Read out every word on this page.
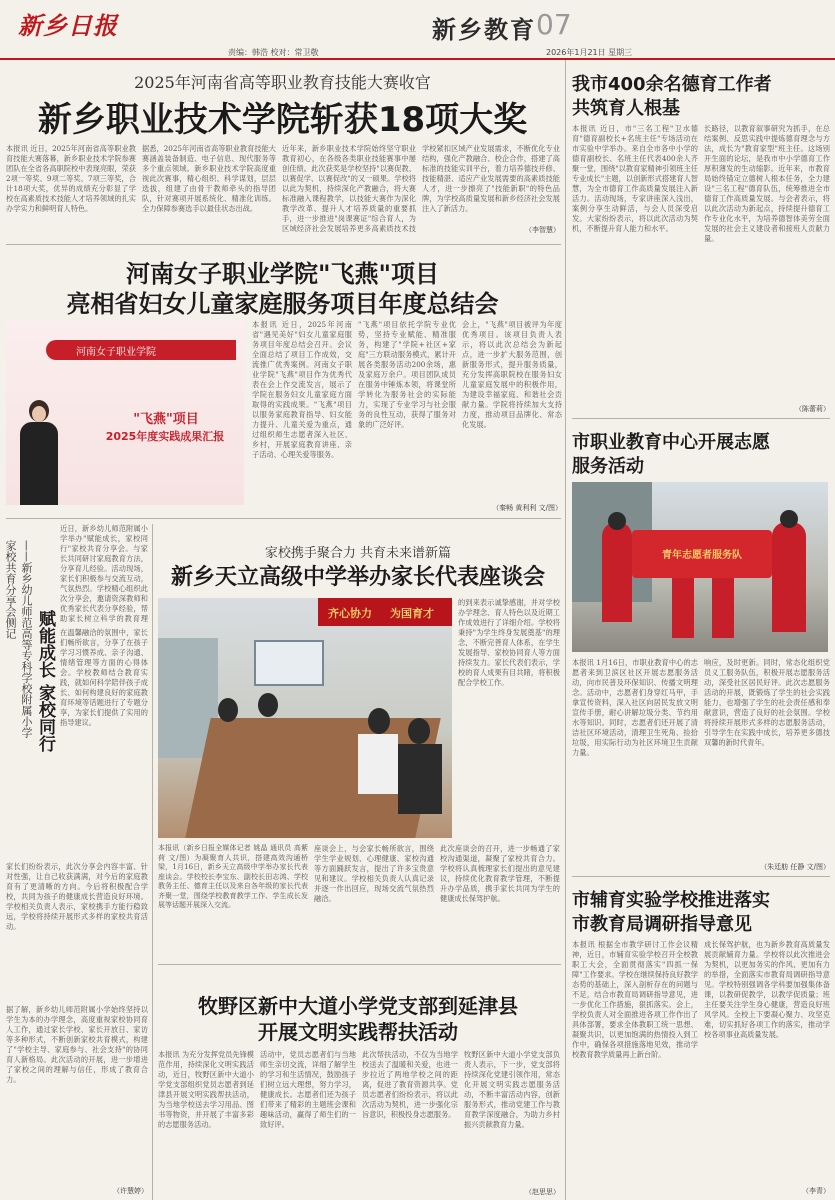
新乡日报	新乡教育 07
责编：韩浩 校对：常卫敬	2026年1月21日 星期三
2025年河南省高等职业教育技能大赛收官
新乡职业技术学院斩获18项大奖
本报讯 近日，2025年河南省高等职业教育技能大赛落幕，新乡职业技术学院参赛团队在全省各高职院校中表现亮眼，荣获2项一等奖、9项二等奖、7项三等奖，合计18项大奖，优异的成绩充分彰显了学校在高素质技术技能人才培养领域的扎实办学实力和鲜明育人特色。
据悉，2025年河南省高等职业教育技能大赛涵盖装备制造、电子信息、现代服务等多个重点领域。新乡职业技术学院高度重视此次赛事，精心组织、科学谋划，层层选拔，组建了由骨干教师牵头的指导团队，针对赛项开展系统化、精准化训练。全力保障参赛选手以最佳状态出战。
近年来，新乡职业技术学院始终坚守职业教育初心，在各级各类职业技能赛事中屡创佳绩。此次获奖是学校坚持"以赛促教、以赛促学、以赛促改"的又一硕果。学校将以此为契机，持续深化产教融合，将大赛标准融入课程教学，以技能大赛作为深化教学改革、提升人才培养质量的重要抓手，进一步推进"岗课赛证"综合育人，为区域经济社会发展培养更多高素质技术技
学校紧扣区域产业发展需求，不断优化专业结构，强化产教融合、校企合作，搭建了高标准的技能实训平台，着力培养德技并修、技能精湛、适应产业发展需要的高素质技能人才，进一步擦亮了"技能新职"的特色品牌，为学校高质量发展和新乡经济社会发展注入了新活力。
（李智慧）
河南女子职业学院"飞燕"项目
亮相省妇女儿童家庭服务项目年度总结会
河南女子职业学院
"飞燕"项目
2025年度实践成果汇报
本报讯 近日，2025年河南省"遇见美好"妇女儿童家庭服务项目年度总结会召开。会议全面总结了项目工作成效，交流推广优秀案例。河南女子职业学院"飞燕"项目作为优秀代表在会上作交流发言，展示了学院在服务妇女儿童家庭方面取得的实践成果。"飞燕"项目以服务家庭教育指导、妇女能力提升、儿童关爱为重点，通过组织师生志愿者深入社区、乡村，开展家庭教育讲座、亲子活动、心理关爱等服务。
"飞燕"项目依托学院专业优势，坚持专业赋能、精准服务，构建了"学院+社区+家庭"三方联动服务模式，累计开展各类服务活动200余场，惠及家庭万余户。项目团队成员在服务中锤炼本领，将课堂所学转化为服务社会的实际能力，实现了专业学习与社会服务的良性互动，获得了服务对象的广泛好评。
会上，"飞燕"项目被评为年度优秀项目。该项目负责人表示，将以此次总结会为新起点，进一步扩大服务范围，创新服务形式，提升服务质量，充分发挥高职院校在服务妇女儿童家庭发展中的积极作用，为建设幸福家庭、和谐社会贡献力量。学院将持续加大支持力度，推动项目品牌化、常态化发展。
（秦畅 黄利利 文/图）
近日，新乡幼儿师范附属小学举办"赋能成长，家校同行"家校共育分享会。与家长共同研讨家庭教育方法，分享育儿经验。活动现场，家长们积极参与交流互动，气氛热烈。学校精心组织此次分享会，邀请资深教师和优秀家长代表分享经验，帮助家长树立科学的教育理
——新乡幼儿师范高等专科学校附属小学家校共育分享会侧记
赋能成长 家校同行 在温馨融洽的氛围中，家长们畅所欲言，分享了在孩子学习习惯养成、亲子沟通、情绪管理等方面的心得体会。学校教师结合教育实践，就如何科学陪伴孩子成长、如何构建良好的家庭教育环境等话题进行了专题分享，为家长们提供了实用的指导建议。
家长们纷纷表示，此次分享会内容丰富、针对性强，让自己收获满满，对今后的家庭教育有了更清晰的方向。今后将积极配合学校，共同为孩子的健康成长营造良好环境。学校相关负责人表示，家校携手方能行稳致远，学校将持续开展形式多样的家校共育活动。
据了解，新乡幼儿师范附属小学始终坚持以学生为本的办学理念，高度重视家校协同育人工作，通过家长学校、家长开放日、家访等多种形式，不断创新家校共育模式，构建了"学校主导、家庭参与、社会支持"的协同育人新格局。此次活动的开展，进一步增进了家校之间的理解与信任，形成了教育合力。
（许慧婷）
家校携手聚合力 共育未来谱新篇
新乡天立高级中学举办家长代表座谈会
齐心协力 为国育才
的到来表示诚挚感谢，并对学校办学理念、育人特色以及近期工作成效进行了详细介绍。学校将秉持"为学生终身发展奠基"的理念，不断完善育人体系，在学生发展指导、家校协同育人等方面持续发力。家长代表们表示，学校的育人成果有目共睹，将积极配合学校工作。
本报讯（新乡日报全媒体记者 姚晶 通讯员 高紫荷 文/图）为凝聚育人共识，搭建高效沟通桥梁，1月16日，新乡天立高级中学举办家长代表座谈会。学校校长李宝东、副校长田志鸿、学校教务主任、德育主任以及来自各年级的家长代表齐聚一堂，围绕学校教育教学工作、学生成长发展等话题开展深入交流。
座谈会上，与会家长畅所欲言，围绕学生学业规划、心理健康、家校沟通等方面踊跃发言，提出了许多宝贵意见和建议。学校相关负责人认真记录并逐一作出回应，现场交流气氛热烈融洽。
此次座谈会的召开，进一步畅通了家校沟通渠道，凝聚了家校共育合力。学校将认真梳理家长们提出的意见建议，持续优化教育教学管理，不断提升办学品质，携手家长共同为学生的健康成长保驾护航。
牧野区新中大道小学党支部到延津县
开展文明实践帮扶活动
本报讯 为充分发挥党员先锋模范作用，持续深化文明实践活动，近日，牧野区新中大道小学党支部组织党员志愿者到延津县开展文明实践帮扶活动，为当地学校送去学习用品、图书等物资，并开展了丰富多彩的志愿服务活动。
活动中，党员志愿者们与当地师生亲切交流，详细了解学生的学习和生活情况，鼓励孩子们树立远大理想，努力学习，健康成长。志愿者们还为孩子们带来了精彩的主题班会课和趣味活动，赢得了师生们的一致好评。
此次帮扶活动，不仅为当地学校送去了温暖和关爱，也进一步拉近了两地学校之间的距离，促进了教育资源共享。党员志愿者们纷纷表示，将以此次活动为契机，进一步强化宗旨意识，积极投身志愿服务。
牧野区新中大道小学党支部负责人表示，下一步，党支部将持续深化党建引领作用，常态化开展文明实践志愿服务活动，不断丰富活动内容，创新服务形式，推动党建工作与教育教学深度融合，为助力乡村振兴贡献教育力量。
（赵思思）
我市400余名德育工作者
共筑育人根基
本报讯 近日，市"三名工程"卫水德育"德育副校长+名班主任"专场活动在市实验中学举办。来自全市各中小学的德育副校长、名班主任代表400余人齐聚一堂，围绕"以教育家精神引领班主任专业成长"主题，以创新形式搭建育人智慧，为全市德育工作高质量发展注入新活力。活动现场，专家讲座深入浅出，案例分享生动鲜活，与会人员深受启发。大家纷纷表示，将以此次活动为契机，不断提升育人能力和水平。
长路径，以教育叙事研究为抓手，在总结案例、反思实践中提炼德育理念与方法，成长为"教育家型"班主任。这场别开生面的论坛，是我市中小学德育工作厚积薄发的生动缩影。近年来，市教育局始终锚定立德树人根本任务，全力建设"三名工程"德育队伍，统筹推进全市德育工作高质量发展。与会者表示，将以此次活动为新起点，持续提升德育工作专业化水平，为培养德智体美劳全面发展的社会主义建设者和接班人贡献力量。
（陈蕾莉）
市职业教育中心开展志愿
服务活动
青年志愿者服务队
本报讯 1月16日，市职业教育中心的志愿者来到卫滨区社区开展志愿服务活动，向市民普及环保知识、传播文明理念。活动中，志愿者们身穿红马甲，手拿宣传资料，深入社区向居民发放文明宣传手册，耐心讲解垃圾分类、节约用水等知识。同时，志愿者们还开展了清洁社区环境活动，清理卫生死角、捡拾垃圾，用实际行动为社区环境卫生贡献力量。
响应，及时更新。同时，常态化组织党员义工服务队伍，积极开展志愿服务活动，深受社区居民好评。此次志愿服务活动的开展，既锻炼了学生的社会实践能力，也增强了学生的社会责任感和奉献意识，营造了良好的社会氛围。学校将持续开展形式多样的志愿服务活动，引导学生在实践中成长，培养更多德技双馨的新时代青年。
（朱廷舫 任静 文/图）
市辅育实验学校推进落实
市教育局调研指导意见
本报讯 根据全市教学研讨工作会议精神，近日，市辅育实验学校召开全校教职工大会，全面贯彻落实"四抓一保障"工作要求。学校在继续保持良好教学态势的基础上，深入剖析存在的问题与不足，结合市教育局调研指导意见，进一步优化工作措施，狠抓落实。会上，学校负责人对全面推进各项工作作出了具体部署，要求全体教职工统一思想、凝聚共识，以更加饱满的热情投入到工作中，确保各项措施落地见效，推动学校教育教学质量再上新台阶。
成长保驾护航，也为新乡教育高质量发展贡献辅育力量。学校将以此次推进会为契机，以更加务实的作风、更加有力的举措，全面落实市教育局调研指导意见。学校特别强调各学科要加强集体备课，以教研促教学，以教学促质量；班主任要关注学生身心健康，营造良好班风学风。全校上下要凝心聚力、攻坚克难，切实抓好各项工作的落实，推动学校各项事业高质量发展。
（李青）
